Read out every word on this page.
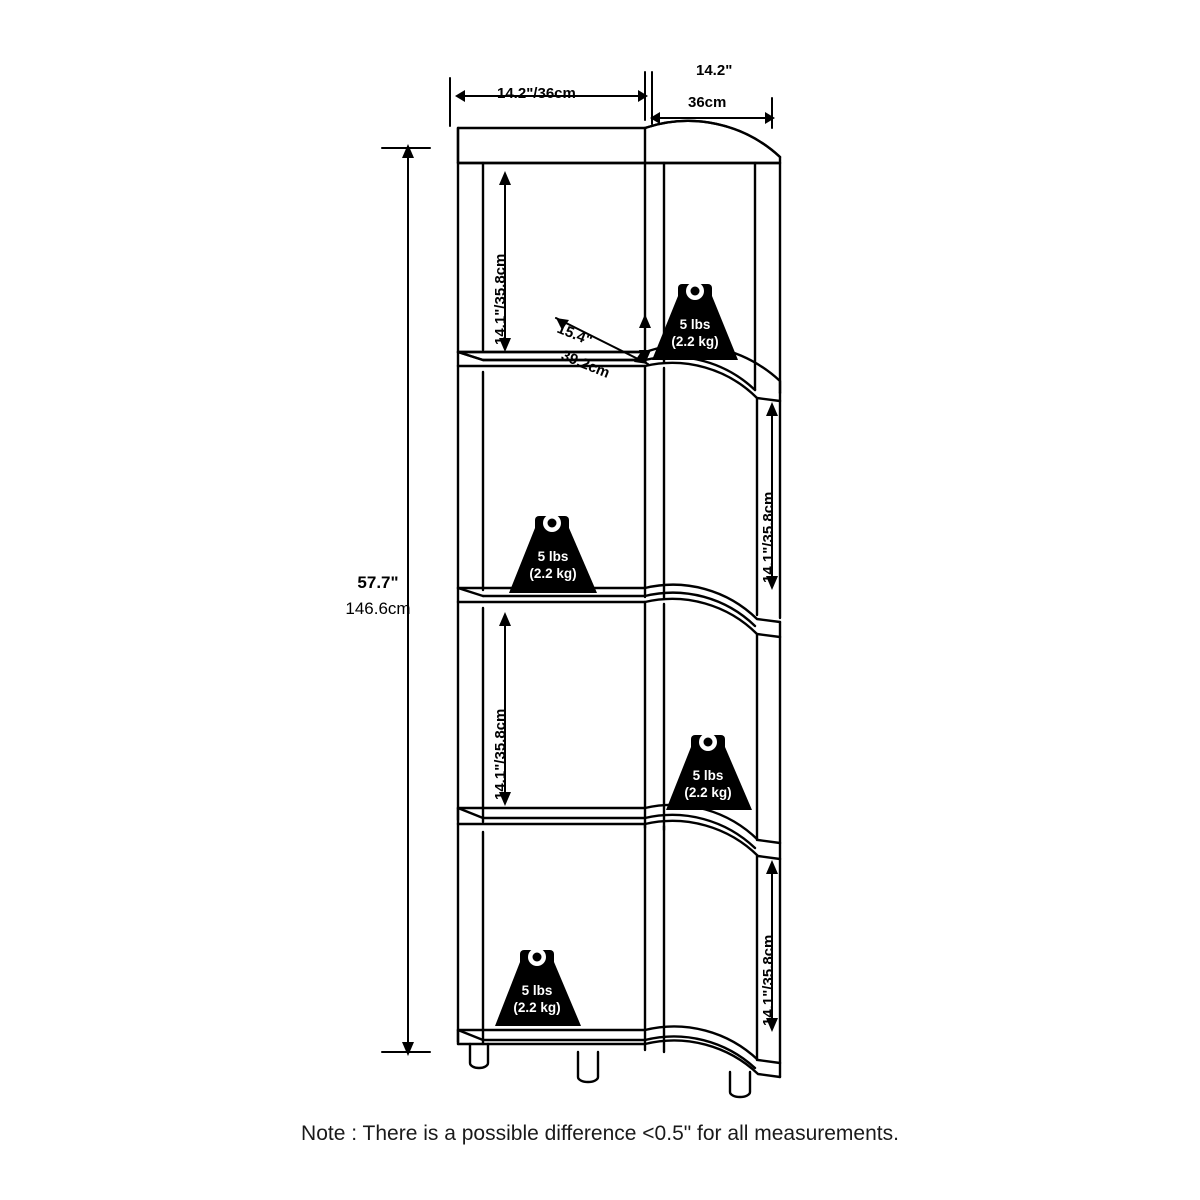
14.2"/36cm
14.2"
36cm
57.7"
146.6cm
14.1"/35.8cm
14.1"/35.8cm
14.1"/35.8cm
14.1"/35.8cm
15.4"
39.2cm
5 lbs
(2.2 kg)
5 lbs
(2.2 kg)
5 lbs
(2.2 kg)
5 lbs
(2.2 kg)
Note : There is a possible difference <0.5" for all measurements.
